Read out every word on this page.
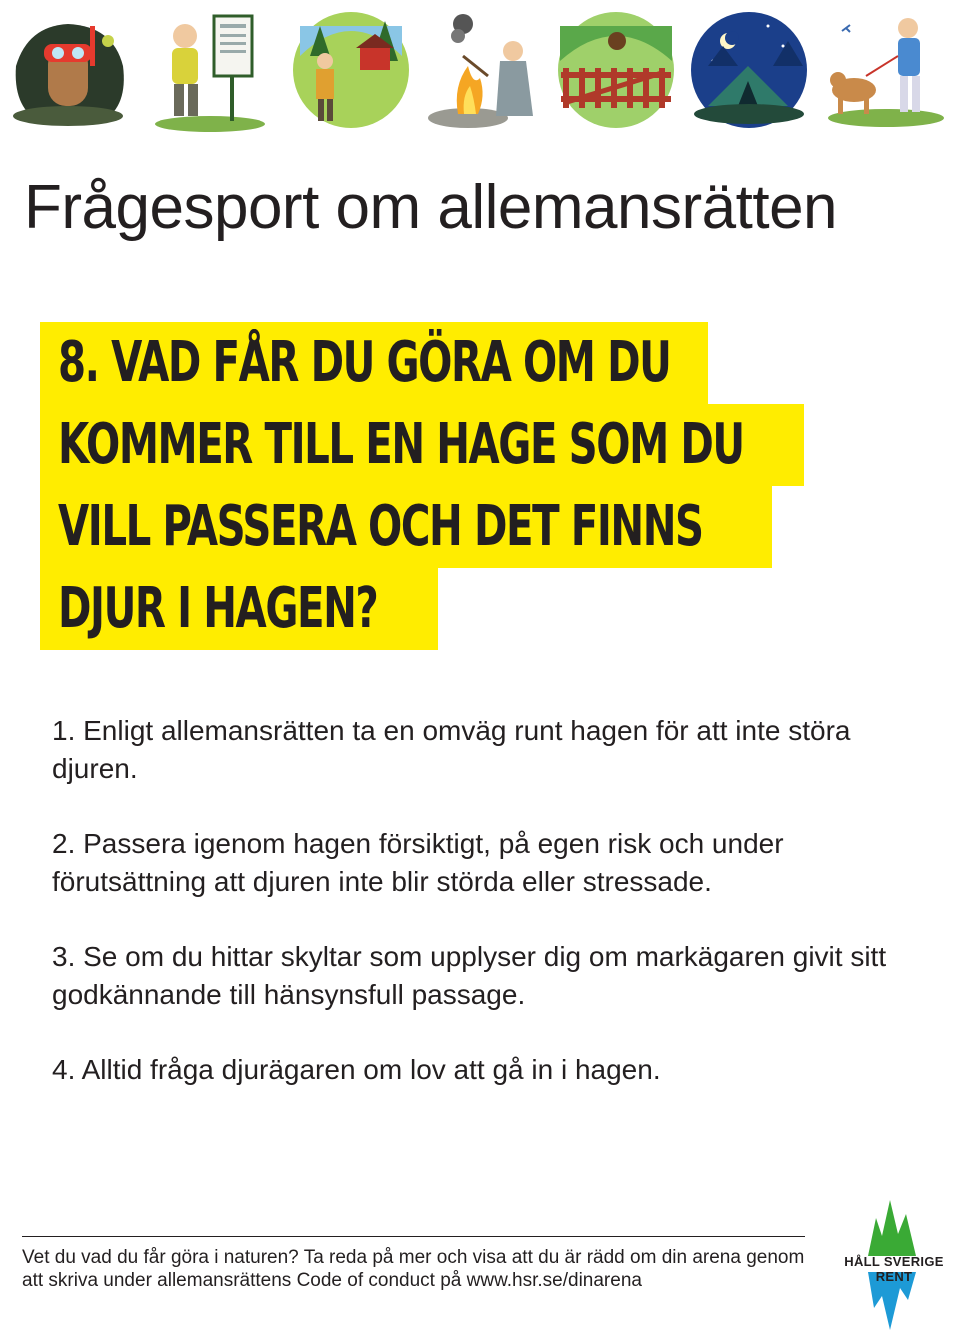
Frågesport om allemansrätten
8. VAD FÅR DU GÖRA OM DU
KOMMER TILL EN HAGE SOM DU
VILL PASSERA OCH DET FINNS
DJUR I HAGEN?

1. Enligt allemansrätten ta en omväg runt hagen för att inte störa djuren.

2. Passera igenom hagen försiktigt, på egen risk och under förutsättning att djuren inte blir störda eller stressade.

3. Se om du hittar skyltar som upplyser dig om markägaren givit sitt godkännande till hänsynsfull passage.

4. Alltid fråga djurägaren om lov att gå in i hagen.

Vet du vad du får göra i naturen? Ta reda på mer och visa att du är rädd om din arena genom
att skriva under allemansrättens Code of conduct på www.hsr.se/dinarena
HÅLL SVERIGE RENT
